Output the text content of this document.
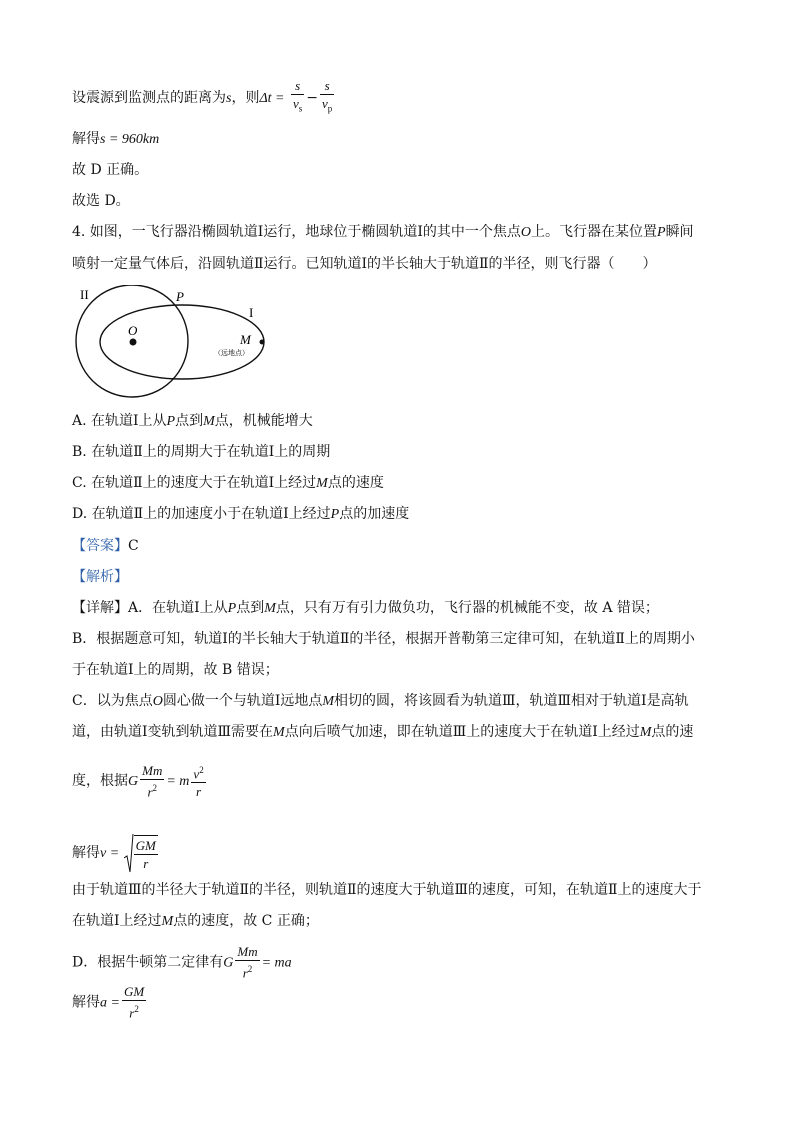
设震源到监测点的距离为s，则$\Delta t = \frac{s}{v_s} - \frac{s}{v_p}$
解得s = 960km
故 D 正确。
故选 D。
4. 如图，一飞行器沿椭圆轨道Ⅰ运行，地球位于椭圆轨道Ⅰ的其中一个焦点O上。飞行器在某位置P瞬间
喷射一定量气体后，沿圆轨道Ⅱ运行。已知轨道Ⅰ的半长轴大于轨道Ⅱ的半径，则飞行器（　　）
II	P
I
O
M
（远地点）
A. 在轨道Ⅰ上从P点到M点，机械能增大
B. 在轨道Ⅱ上的周期大于在轨道Ⅰ上的周期
C. 在轨道Ⅱ上的速度大于在轨道Ⅰ上经过M点的速度
D. 在轨道Ⅱ上的加速度小于在轨道Ⅰ上经过P点的加速度
【答案】C
【解析】
【详解】A．在轨道Ⅰ上从P点到M点，只有万有引力做负功，飞行器的机械能不变，故 A 错误；
B．根据题意可知，轨道Ⅰ的半长轴大于轨道Ⅱ的半径，根据开普勒第三定律可知，在轨道Ⅱ上的周期小
于在轨道Ⅰ上的周期，故 B 错误；
C．以为焦点O圆心做一个与轨道Ⅰ远地点M相切的圆，将该圆看为轨道Ⅲ，轨道Ⅲ相对于轨道Ⅰ是高轨
道，由轨道Ⅰ变轨到轨道Ⅲ需要在M点向后喷气加速，即在轨道Ⅲ上的速度大于在轨道Ⅰ上经过M点的速
度，根据G $\frac{Mm}{r^2} = m \frac{v^2}{r}$
解得$v = \frac{GM}{r}$
由于轨道Ⅲ的半径大于轨道Ⅱ的半径，则轨道Ⅱ的速度大于轨道Ⅲ的速度，可知，在轨道Ⅱ上的速度大于
在轨道Ⅰ上经过M点的速度，故 C 正确；
D．根据牛顿第二定律有G $\frac{Mm}{r^2}$ = ma
解得$a = \frac{GM}{r^2}$
